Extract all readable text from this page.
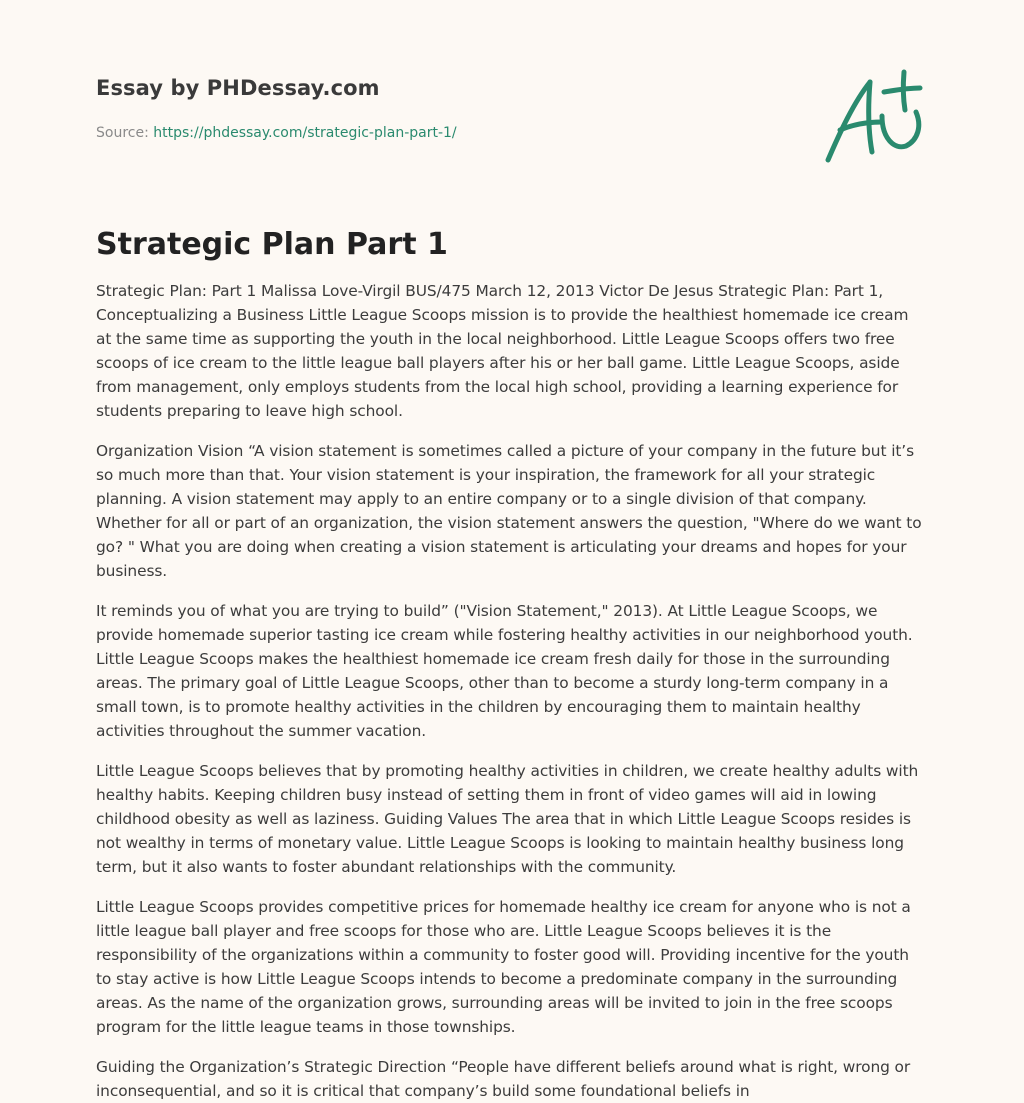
Essay by PHDessay.com
Source: https://phdessay.com/strategic-plan-part-1/
Strategic Plan Part 1

Strategic Plan: Part 1 Malissa Love-Virgil BUS/475 March 12, 2013 Victor De Jesus Strategic Plan: Part 1, Conceptualizing a Business Little League Scoops mission is to provide the healthiest homemade ice cream at the same time as supporting the youth in the local neighborhood. Little League Scoops offers two free scoops of ice cream to the little league ball players after his or her ball game. Little League Scoops, aside from management, only employs students from the local high school, providing a learning experience for students preparing to leave high school.

Organization Vision “A vision statement is sometimes called a picture of your company in the future but it’s so much more than that. Your vision statement is your inspiration, the framework for all your strategic planning. A vision statement may apply to an entire company or to a single division of that company. Whether for all or part of an organization, the vision statement answers the question, "Where do we want to go? " What you are doing when creating a vision statement is articulating your dreams and hopes for your business.

It reminds you of what you are trying to build” ("Vision Statement," 2013). At Little League Scoops, we provide homemade superior tasting ice cream while fostering healthy activities in our neighborhood youth. Little League Scoops makes the healthiest homemade ice cream fresh daily for those in the surrounding areas. The primary goal of Little League Scoops, other than to become a sturdy long-term company in a small town, is to promote healthy activities in the children by encouraging them to maintain healthy activities throughout the summer vacation.

Little League Scoops believes that by promoting healthy activities in children, we create healthy adults with healthy habits. Keeping children busy instead of setting them in front of video games will aid in lowing childhood obesity as well as laziness. Guiding Values The area that in which Little League Scoops resides is not wealthy in terms of monetary value. Little League Scoops is looking to maintain healthy business long term, but it also wants to foster abundant relationships with the community.

Little League Scoops provides competitive prices for homemade healthy ice cream for anyone who is not a little league ball player and free scoops for those who are. Little League Scoops believes it is the responsibility of the organizations within a community to foster good will. Providing incentive for the youth to stay active is how Little League Scoops intends to become a predominate company in the surrounding areas. As the name of the organization grows, surrounding areas will be invited to join in the free scoops program for the little league teams in those townships.

Guiding the Organization’s Strategic Direction “People have different beliefs around what is right, wrong or inconsequential, and so it is critical that company’s build some foundational beliefs in
